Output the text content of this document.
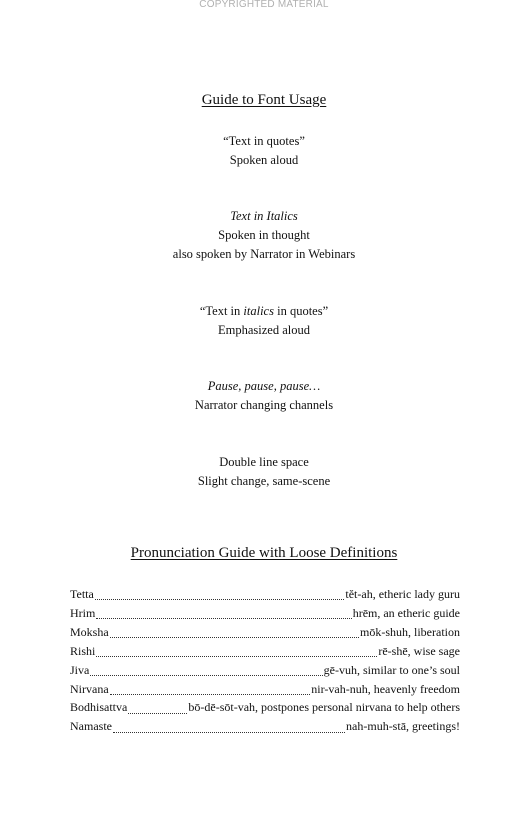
COPYRIGHTED MATERIAL
Guide to Font Usage
“Text in quotes”
Spoken aloud
Text in Italics
Spoken in thought
also spoken by Narrator in Webinars
“Text in italics in quotes”
Emphasized aloud
Pause, pause, pause…
Narrator changing channels
Double line space
Slight change, same-scene
Pronunciation Guide with Loose Definitions
Tetta	tĕt-ah, etheric lady guru
Hrim	hrēm, an etheric guide
Moksha	mōk-shuh, liberation
Rishi	rē-shē, wise sage
Jiva	gē-vuh, similar to one’s soul
Nirvana	nir-vah-nuh, heavenly freedom
Bodhisattva	bō-dē-sōt-vah, postpones personal nirvana to help others
Namaste	nah-muh-stā, greetings!
